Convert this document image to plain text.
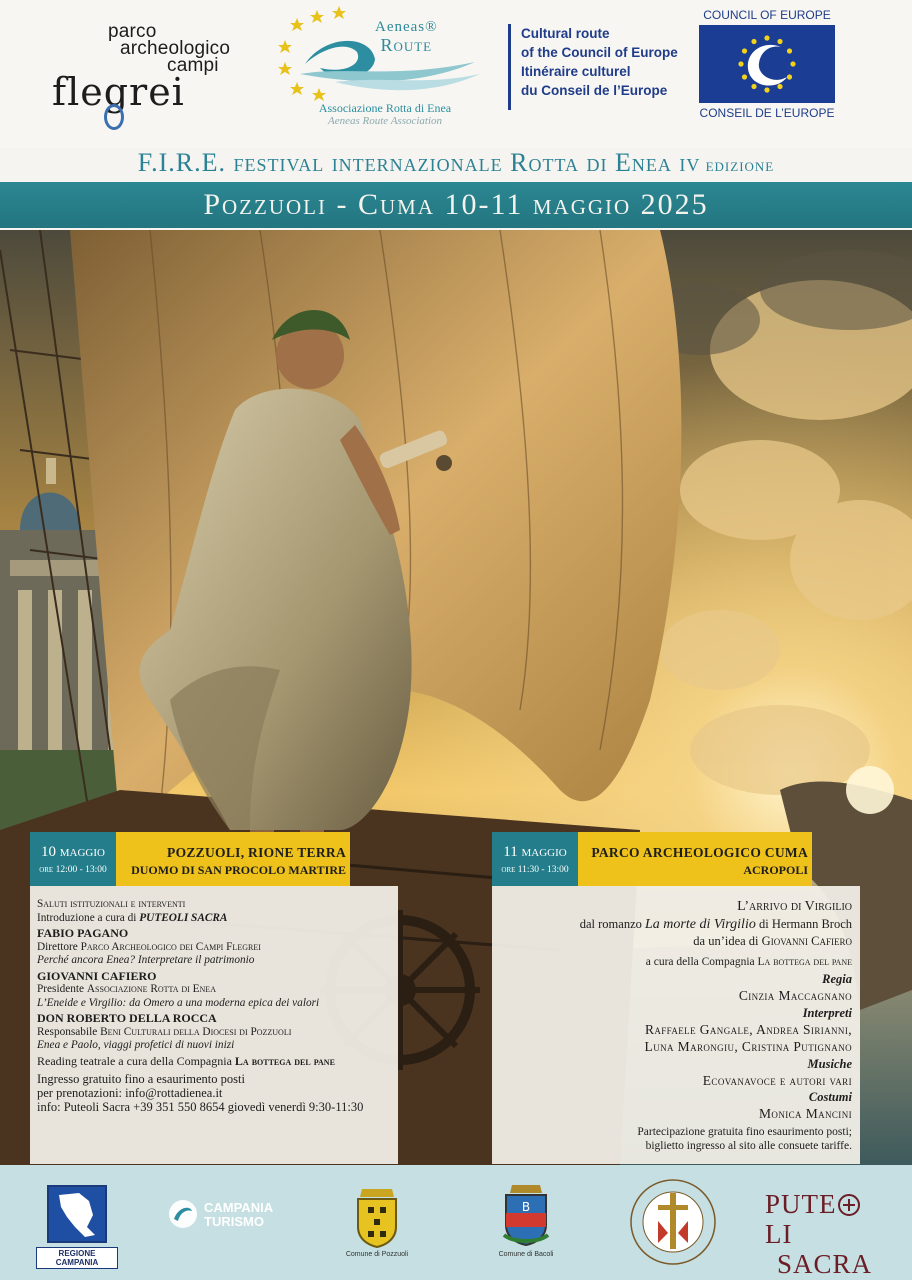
parco
archeologico
campi
flegrei
Aeneas®
Route
Associazione Rotta di Enea
Aeneas Route Association
Cultural route
of the Council of Europe
Itinéraire culturel
du Conseil de l’Europe
COUNCIL OF EUROPE
CONSEIL DE L’EUROPE
F.I.R.E. festival internazionale Rotta di Enea IV edizione
Pozzuoli - Cuma 10-11 maggio 2025
10 maggio
ore 12:00 - 13:00
POZZUOLI, RIONE TERRA
DUOMO DI SAN PROCOLO MARTIRE
11 maggio
ore 11:30 - 13:00
PARCO ARCHEOLOGICO CUMA
ACROPOLI
Saluti istituzionali e interventi
Introduzione a cura di PUTEOLI SACRA
FABIO PAGANO
Direttore Parco Archeologico dei Campi Flegrei
Perché ancora Enea? Interpretare il patrimonio
GIOVANNI CAFIERO
Presidente Associazione Rotta di Enea
L’Eneide e Virgilio: da Omero a una moderna epica dei valori
DON ROBERTO DELLA ROCCA
Responsabile Beni Culturali della Diocesi di Pozzuoli
Enea e Paolo, viaggi profetici di nuovi inizi
Reading teatrale a cura della Compagnia La bottega del pane
Ingresso gratuito fino a esaurimento posti
per prenotazioni: info@rottadienea.it
info: Puteoli Sacra +39 351 550 8654 giovedì venerdì 9:30-11:30
L’arrivo di Virgilio
dal romanzo La morte di Virgilio di Hermann Broch
da un’idea di Giovanni Cafiero
a cura della Compagnia La bottega del pane
Regia
Cinzia Maccagnano
Interpreti
Raffaele Gangale, Andrea Sirianni,
Luna Marongiu, Cristina Putignano
Musiche
Ecovanavoce e autori vari
Costumi
Monica Mancini
Partecipazione gratuita fino esaurimento posti;
biglietto ingresso al sito alle consuete tariffe.
REGIONE CAMPANIA
CAMPANIA
TURISMO
Comune di Pozzuoli
B
Comune di Bacoli
PUTE
LI
SACRA
